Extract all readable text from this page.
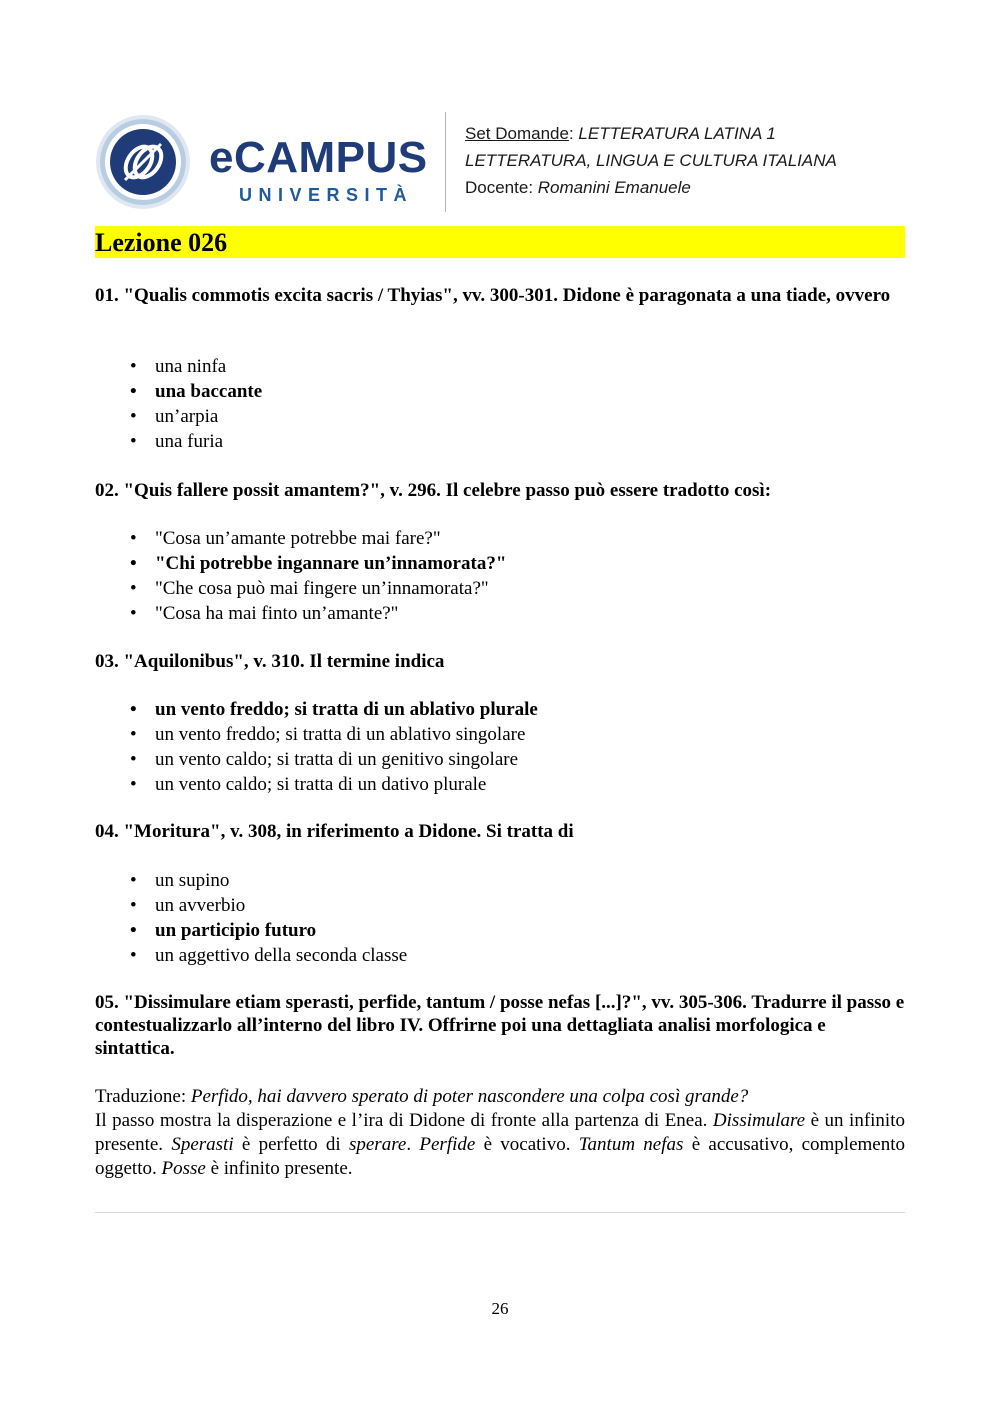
eCAMPUS
UNIVERSITÀ
Set Domande: LETTERATURA LATINA 1
LETTERATURA, LINGUA E CULTURA ITALIANA
Docente: Romanini Emanuele
Lezione 026
01. "Qualis commotis excita sacris / Thyias", vv. 300-301. Didone è paragonata a una tiade, ovvero
• una ninfa
• una baccante
• un’arpia
• una furia
02. "Quis fallere possit amantem?", v. 296. Il celebre passo può essere tradotto così:
• "Cosa un’amante potrebbe mai fare?"
• "Chi potrebbe ingannare un’innamorata?"
• "Che cosa può mai fingere un’innamorata?"
• "Cosa ha mai finto un’amante?"
03. "Aquilonibus", v. 310. Il termine indica
• un vento freddo; si tratta di un ablativo plurale
• un vento freddo; si tratta di un ablativo singolare
• un vento caldo; si tratta di un genitivo singolare
• un vento caldo; si tratta di un dativo plurale
04. "Moritura", v. 308, in riferimento a Didone. Si tratta di
• un supino
• un avverbio
• un participio futuro
• un aggettivo della seconda classe
05. "Dissimulare etiam sperasti, perfide, tantum / posse nefas [...]?", vv. 305-306. Tradurre il passo e contestualizzarlo all’interno del libro IV. Offrirne poi una dettagliata analisi morfologica e sintattica.
Traduzione: Perfido, hai davvero sperato di poter nascondere una colpa così grande?
Il passo mostra la disperazione e l’ira di Didone di fronte alla partenza di Enea. Dissimulare è un infinito presente. Sperasti è perfetto di sperare. Perfide è vocativo. Tantum nefas è accusativo, complemento oggetto. Posse è infinito presente.
26
